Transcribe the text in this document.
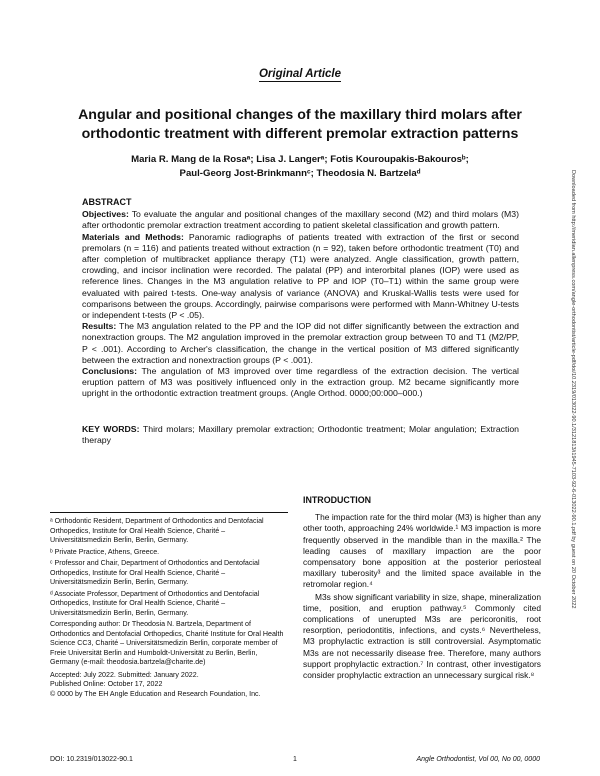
Original Article
Angular and positional changes of the maxillary third molars after orthodontic treatment with different premolar extraction patterns
Maria R. Mang de la Rosaᵃ; Lisa J. Langerᵃ; Fotis Kouroupakis-Bakourosᵇ;
Paul-Georg Jost-Brinkmannᶜ; Theodosia N. Bartzelaᵈ
ABSTRACT

Objectives: To evaluate the angular and positional changes of the maxillary second (M2) and third molars (M3) after orthodontic premolar extraction treatment according to patient skeletal classification and growth pattern.

Materials and Methods: Panoramic radiographs of patients treated with extraction of the first or second premolars (n = 116) and patients treated without extraction (n = 92), taken before orthodontic treatment (T0) and after completion of multibracket appliance therapy (T1) were analyzed. Angle classification, growth pattern, crowding, and incisor inclination were recorded. The palatal (PP) and interorbital planes (IOP) were used as reference lines. Changes in the M3 angulation relative to PP and IOP (T0–T1) within the same group were evaluated with paired t-tests. One-way analysis of variance (ANOVA) and Kruskal-Wallis tests were used for comparisons between the groups. Accordingly, pairwise comparisons were performed with Mann-Whitney U-tests or independent t-tests (P < .05).

Results: The M3 angulation related to the PP and the IOP did not differ significantly between the extraction and nonextraction groups. The M2 angulation improved in the premolar extraction group between T0 and T1 (M2/PP, P < .001). According to Archer's classification, the change in the vertical position of M3 differed significantly between the extraction and nonextraction groups (P < .001).

Conclusions: The angulation of M3 improved over time regardless of the extraction decision. The vertical eruption pattern of M3 was positively influenced only in the extraction group. M2 became significantly more upright in the orthodontic extraction treatment groups. (Angle Orthod. 0000;00:000–000.)

KEY WORDS: Third molars; Maxillary premolar extraction; Orthodontic treatment; Molar angulation; Extraction therapy

ᵃ Orthodontic Resident, Department of Orthodontics and Dentofacial Orthopedics, Institute for Oral Health Science, Charité – Universitätsmedizin Berlin, Berlin, Germany.

ᵇ Private Practice, Athens, Greece.

ᶜ Professor and Chair, Department of Orthodontics and Dentofacial Orthopedics, Institute for Oral Health Science, Charité – Universitätsmedizin Berlin, Berlin, Germany.

ᵈ Associate Professor, Department of Orthodontics and Dentofacial Orthopedics, Institute for Oral Health Science, Charité – Universitätsmedizin Berlin, Berlin, Germany.

Corresponding author: Dr Theodosia N. Bartzela, Department of Orthodontics and Dentofacial Orthopedics, Charité Institute for Oral Health Science CC3, Charité – Universitätsmedizin Berlin, corporate member of Freie Universität Berlin and Humboldt-Universität zu Berlin, Berlin, Germany (e-mail: theodosia.bartzela@charite.de)

Accepted: July 2022. Submitted: January 2022.

Published Online: October 17, 2022

© 0000 by The EH Angle Education and Research Foundation, Inc.

INTRODUCTION

The impaction rate for the third molar (M3) is higher than any other tooth, approaching 24% worldwide.¹ M3 impaction is more frequently observed in the mandible than in the maxilla.² The leading causes of maxillary impaction are the poor compensatory bone apposition at the posterior periosteal maxillary tuberosity³ and the limited space available in the retromolar region.⁴

M3s show significant variability in size, shape, mineralization time, position, and eruption pathway.⁵ Commonly cited complications of unerupted M3s are pericoronitis, root resorption, periodontitis, infections, and cysts.⁶ Nevertheless, M3 prophylactic extraction is still controversial. Asymptomatic M3s are not necessarily disease free. Therefore, many authors support prophylactic extraction.⁷ In contrast, other investigators consider prophylactic extraction an unnecessary surgical risk.⁸

Downloaded from http://meridian.allenpress.com/angle-orthodontist/article-pdf/doi/10.2319/013022-90.1/3121813/i1945-7103-92-6-013022-90.1.pdf by guest on 20 October 2022
DOI: 10.2319/013022-90.1	1	Angle Orthodontist, Vol 00, No 00, 0000
